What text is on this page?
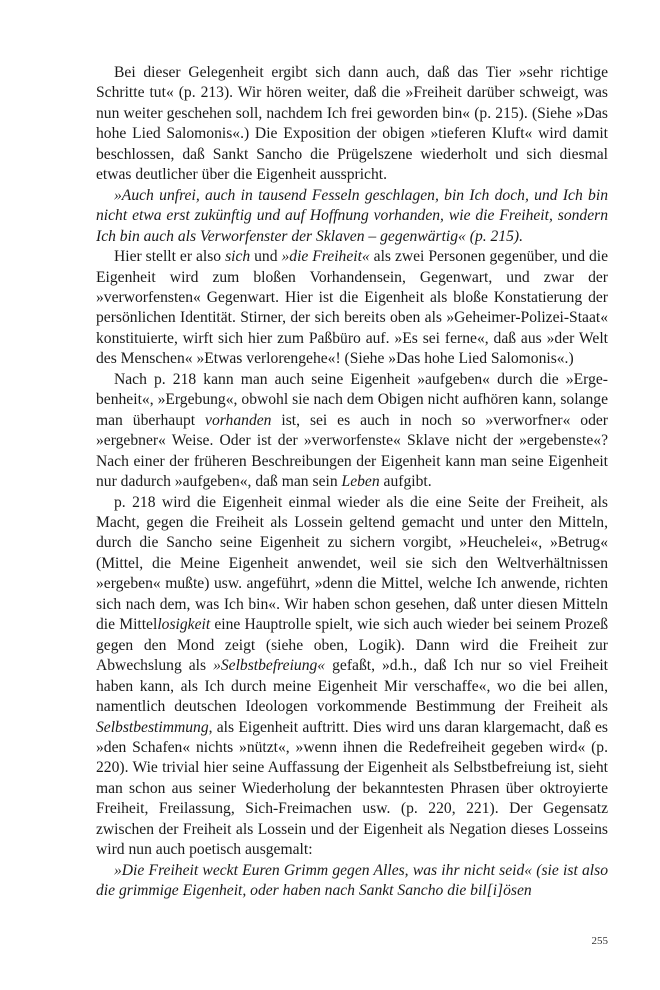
Bei dieser Gelegenheit ergibt sich dann auch, daß das Tier »sehr richtige Schritte tut« (p. 213). Wir hören weiter, daß die »Freiheit darüber schweigt, was nun weiter geschehen soll, nachdem Ich frei geworden bin« (p. 215). (Siehe »Das hohe Lied Salomonis«.) Die Exposition der obigen »tieferen Kluft« wird damit beschlossen, daß Sankt Sancho die Prügelszene wiederholt und sich diesmal etwas deutlicher über die Eigenheit ausspricht.

»Auch unfrei, auch in tausend Fesseln geschlagen, bin Ich doch, und Ich bin nicht etwa erst zukünftig und auf Hoffnung vorhanden, wie die Freiheit, sondern Ich bin auch als Verworfenster der Sklaven – gegenwärtig« (p. 215).

Hier stellt er also sich und »die Freiheit« als zwei Personen gegenüber, und die Eigenheit wird zum bloßen Vorhandensein, Gegenwart, und zwar der »verworfensten« Gegenwart. Hier ist die Eigenheit als bloße Konstatierung der persönlichen Identität. Stirner, der sich bereits oben als »Geheimer-Polizei-Staat« konstituierte, wirft sich hier zum Paßbüro auf. »Es sei ferne«, daß aus »der Welt des Menschen« »Etwas verlorengehe«! (Siehe »Das hohe Lied Salomonis«.)

Nach p. 218 kann man auch seine Eigenheit »aufgeben« durch die »Ergebenheit«, »Ergebung«, obwohl sie nach dem Obigen nicht aufhören kann, solange man überhaupt vorhanden ist, sei es auch in noch so »verworfner« oder »ergebner« Weise. Oder ist der »verworfenste« Sklave nicht der »ergebenste«? Nach einer der früheren Beschreibungen der Eigenheit kann man seine Eigenheit nur dadurch »aufgeben«, daß man sein Leben aufgibt.

p. 218 wird die Eigenheit einmal wieder als die eine Seite der Freiheit, als Macht, gegen die Freiheit als Lossein geltend gemacht und unter den Mitteln, durch die Sancho seine Eigenheit zu sichern vorgibt, »Heuchelei«, »Betrug« (Mittel, die Meine Eigenheit anwendet, weil sie sich den Weltverhältnissen »ergeben« mußte) usw. angeführt, »denn die Mittel, welche Ich anwende, richten sich nach dem, was Ich bin«. Wir haben schon gesehen, daß unter diesen Mitteln die Mittellosigkeit eine Hauptrolle spielt, wie sich auch wieder bei seinem Prozeß gegen den Mond zeigt (siehe oben, Logik). Dann wird die Freiheit zur Abwechslung als »Selbstbefreiung« gefaßt, »d.h., daß Ich nur so viel Freiheit haben kann, als Ich durch meine Eigenheit Mir verschaffe«, wo die bei allen, namentlich deutschen Ideologen vorkommende Bestimmung der Freiheit als Selbstbestimmung, als Eigenheit auftritt. Dies wird uns daran klargemacht, daß es »den Schafen« nichts »nützt«, »wenn ihnen die Redefreiheit gegeben wird« (p. 220). Wie trivial hier seine Auffassung der Eigenheit als Selbstbefreiung ist, sieht man schon aus seiner Wiederholung der bekanntesten Phrasen über oktroyierte Freiheit, Freilassung, Sich-Freimachen usw. (p. 220, 221). Der Gegensatz zwischen der Freiheit als Lossein und der Eigenheit als Negation dieses Losseins wird nun auch poetisch ausgemalt:

»Die Freiheit weckt Euren Grimm gegen Alles, was ihr nicht seid« (sie ist also die grimmige Eigenheit, oder haben nach Sankt Sancho die bil[i]ösen

255
